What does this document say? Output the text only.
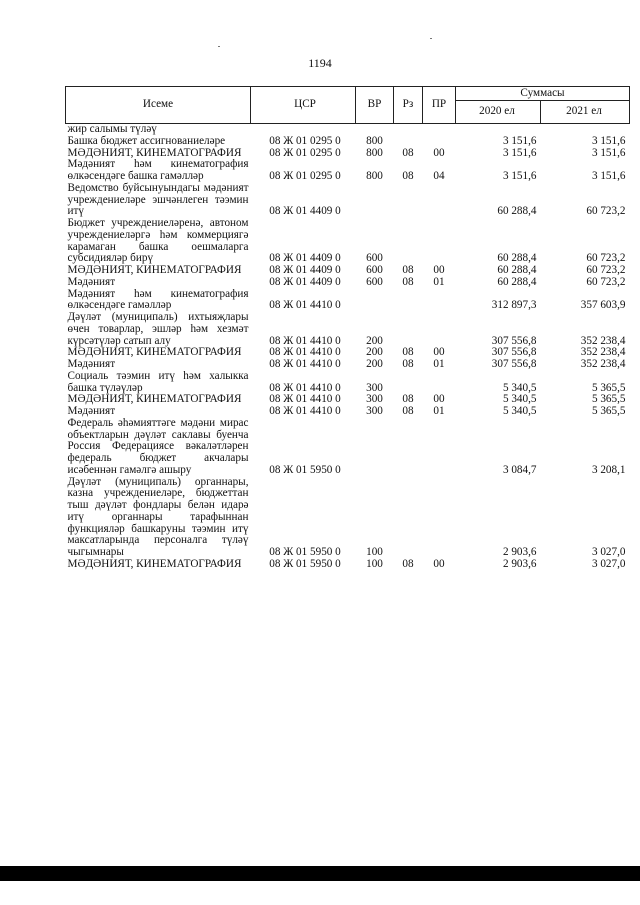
1194
Исеме	ЦСР	ВР	Рз	ПР	Суммасы	
					2020 ел	2021 ел

жир салымы түләү						

Башка бюджет ассигнованиеләре	08 Ж 01 0295 0	800			3 151,6	3 151,6

МӘДӘНИЯТ, КИНЕМАТОГРАФИЯ	08 Ж 01 0295 0	800	08	00	3 151,6	3 151,6

Мәдәният һәм кинематография өлкәсендәге башка гамәлләр	08 Ж 01 0295 0	800	08	04	3 151,6	3 151,6

Ведомство буйсынуындагы мәдәният учреждениеләре эшчәнлеген тәэмин итү	08 Ж 01 4409 0				60 288,4	60 723,2

Бюджет учреждениеләренә, автоном учреждениеләргә һәм коммерциягә карамаган башка оешмаларга субсидияләр бирү	08 Ж 01 4409 0	600			60 288,4	60 723,2

МӘДӘНИЯТ, КИНЕМАТОГРАФИЯ	08 Ж 01 4409 0	600	08	00	60 288,4	60 723,2

Мәдәният	08 Ж 01 4409 0	600	08	01	60 288,4	60 723,2

Мәдәният һәм кинематография өлкәсендәге гамәлләр	08 Ж 01 4410 0				312 897,3	357 603,9

Дәүләт (муниципаль) ихтыяҗлары өчен товарлар, эшләр һәм хезмәт күрсәтүләр сатып алу	08 Ж 01 4410 0	200			307 556,8	352 238,4

МӘДӘНИЯТ, КИНЕМАТОГРАФИЯ	08 Ж 01 4410 0	200	08	00	307 556,8	352 238,4

Мәдәният	08 Ж 01 4410 0	200	08	01	307 556,8	352 238,4

Социаль тәэмин итү һәм халыкка башка түләүләр	08 Ж 01 4410 0	300			5 340,5	5 365,5

МӘДӘНИЯТ, КИНЕМАТОГРАФИЯ	08 Ж 01 4410 0	300	08	00	5 340,5	5 365,5

Мәдәният	08 Ж 01 4410 0	300	08	01	5 340,5	5 365,5

Федераль әһәмияттәге мәдәни мирас объектларын дәүләт саклавы буенча Россия Федерациясе вәкаләтләрен федераль бюджет акчалары исәбеннән гамәлгә ашыру	08 Ж 01 5950 0				3 084,7	3 208,1

Дәүләт (муниципаль) органнары, казна учреждениеләре, бюджеттан тыш дәүләт фондлары белән идарә итү органнары тарафыннан функцияләр башкаруны тәэмин итү максатларында персоналга түләү чыгымнары	08 Ж 01 5950 0	100			2 903,6	3 027,0

МӘДӘНИЯТ, КИНЕМАТОГРАФИЯ	08 Ж 01 5950 0	100	08	00	2 903,6	3 027,0
